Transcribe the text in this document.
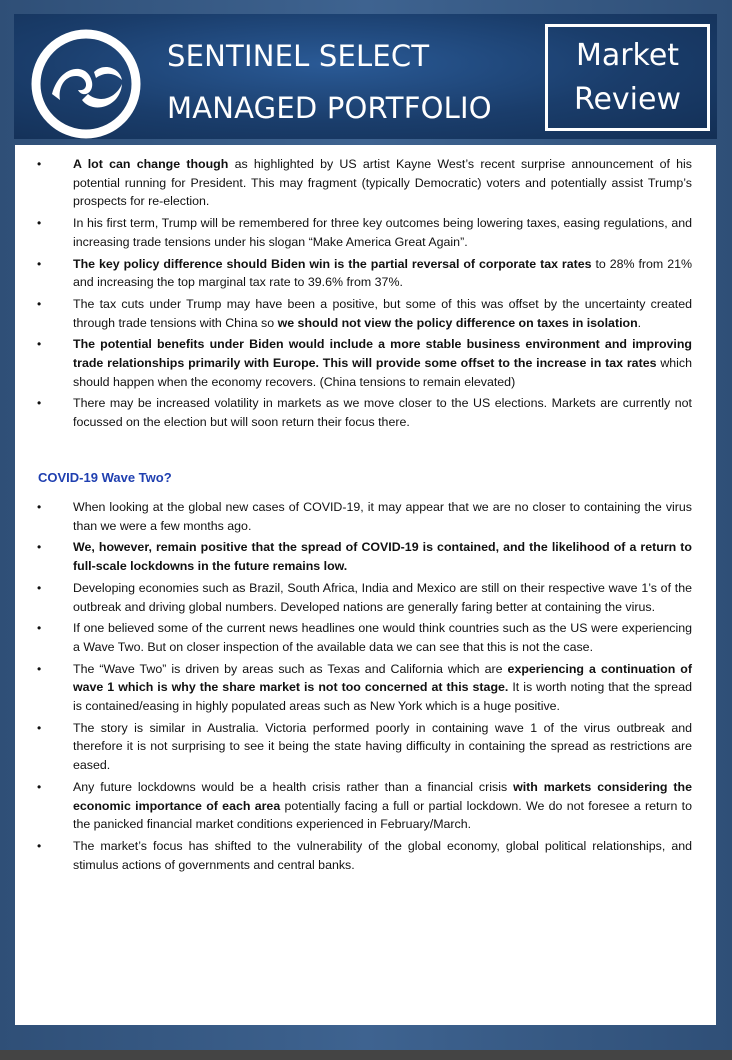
SENTINEL SELECT
MANAGED PORTFOLIO
Market
Review
•	A lot can change though as highlighted by US artist Kayne West’s recent surprise announcement of his potential running for President. This may fragment (typically Democratic) voters and potentially assist Trump’s prospects for re-election.
•	In his first term, Trump will be remembered for three key outcomes being lowering taxes, easing regulations, and increasing trade tensions under his slogan “Make America Great Again”.
•	The key policy difference should Biden win is the partial reversal of corporate tax rates to 28% from 21% and increasing the top marginal tax rate to 39.6% from 37%.
•	The tax cuts under Trump may have been a positive, but some of this was offset by the uncertainty created through trade tensions with China so we should not view the policy difference on taxes in isolation.
•	The potential benefits under Biden would include a more stable business environment and improving trade relationships primarily with Europe. This will provide some offset to the increase in tax rates which should happen when the economy recovers. (China tensions to remain elevated)
•	There may be increased volatility in markets as we move closer to the US elections. Markets are currently not focussed on the election but will soon return their focus there.
COVID-19 Wave Two?
•	When looking at the global new cases of COVID-19, it may appear that we are no closer to containing the virus than we were a few months ago.
•	We, however, remain positive that the spread of COVID-19 is contained, and the likelihood of a return to full-scale lockdowns in the future remains low.
•	Developing economies such as Brazil, South Africa, India and Mexico are still on their respective wave 1’s of the outbreak and driving global numbers. Developed nations are generally faring better at containing the virus.
•	If one believed some of the current news headlines one would think countries such as the US were experiencing a Wave Two. But on closer inspection of the available data we can see that this is not the case.
•	The “Wave Two” is driven by areas such as Texas and California which are experiencing a continuation of wave 1 which is why the share market is not too concerned at this stage. It is worth noting that the spread is contained/easing in highly populated areas such as New York which is a huge positive.
•	The story is similar in Australia. Victoria performed poorly in containing wave 1 of the virus outbreak and therefore it is not surprising to see it being the state having difficulty in containing the spread as restrictions are eased.
•	Any future lockdowns would be a health crisis rather than a financial crisis with markets considering the economic importance of each area potentially facing a full or partial lockdown. We do not foresee a return to the panicked financial market conditions experienced in February/March.
•	The market’s focus has shifted to the vulnerability of the global economy, global political relationships, and stimulus actions of governments and central banks.
